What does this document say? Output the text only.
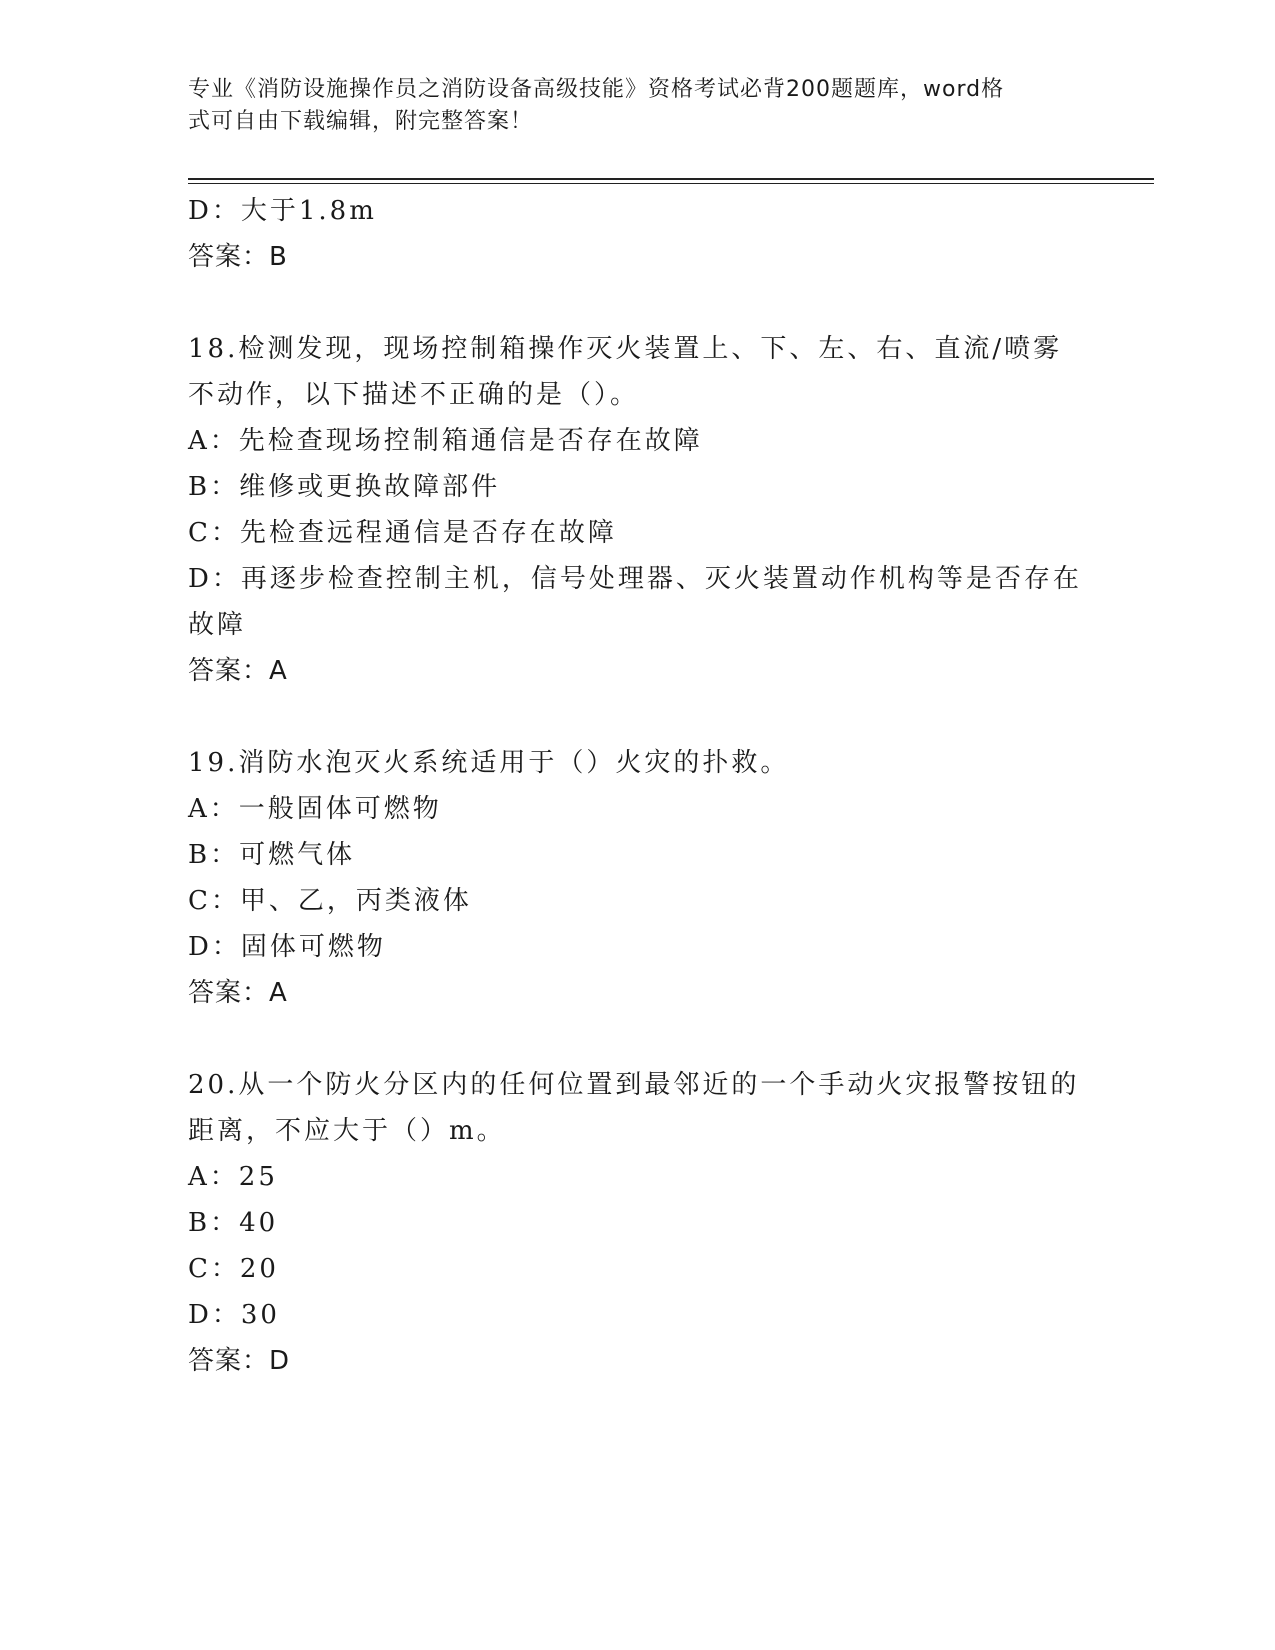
专业《消防设施操作员之消防设备高级技能》资格考试必背200题题库，word格
式可自由下载编辑，附完整答案！
D：大于1.8m
答案：B
18.检测发现，现场控制箱操作灭火装置上、下、左、右、直流/喷雾
不动作，以下描述不正确的是（）。
A：先检查现场控制箱通信是否存在故障
B：维修或更换故障部件
C：先检查远程通信是否存在故障
D：再逐步检查控制主机，信号处理器、灭火装置动作机构等是否存在
故障
答案：A
19.消防水泡灭火系统适用于（）火灾的扑救。
A：一般固体可燃物
B：可燃气体
C：甲、乙，丙类液体
D：固体可燃物
答案：A
20.从一个防火分区内的任何位置到最邻近的一个手动火灾报警按钮的
距离，不应大于（）m。
A：25
B：40
C：20
D：30
答案：D
